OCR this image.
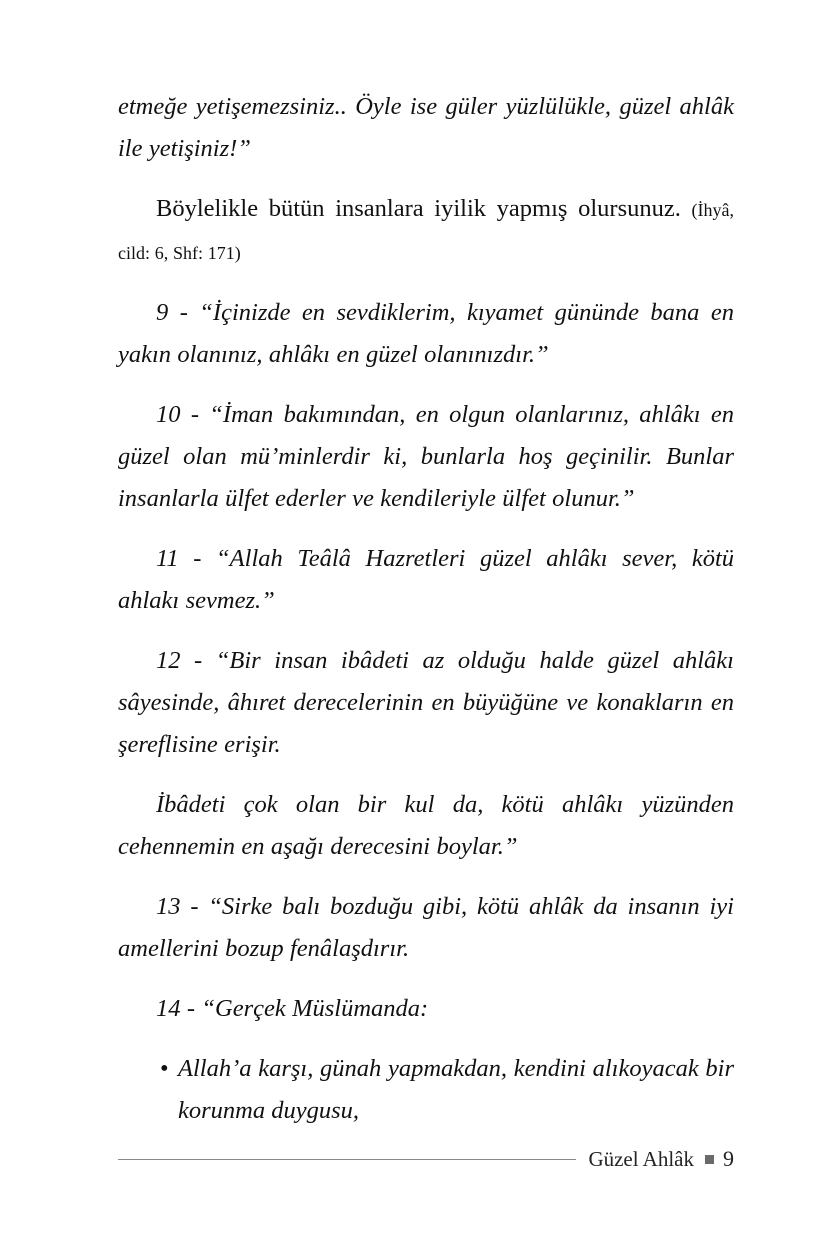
etmeğe yetişemezsiniz.. Öyle ise güler yüzlülükle, güzel ahlâk ile yetişiniz!”

Böylelikle bütün insanlara iyilik yapmış olursunuz. (İhyâ, cild: 6, Shf: 171)

9 - “İçinizde en sevdiklerim, kıyamet gününde bana en yakın olanınız, ahlâkı en güzel olanınızdır.”

10 - “İman bakımından, en olgun olanlarınız, ahlâkı en güzel olan mü’minlerdir ki, bunlarla hoş geçinilir. Bunlar insanlarla ülfet ederler ve kendileriyle ülfet olunur.”

11 - “Allah Teâlâ Hazretleri güzel ahlâkı sever, kötü ahlakı sevmez.”

12 - “Bir insan ibâdeti az olduğu halde güzel ahlâkı sâyesinde, âhıret derecelerinin en büyüğüne ve konakların en şereflisine erişir.

İbâdeti çok olan bir kul da, kötü ahlâkı yüzünden cehennemin en aşağı derecesini boylar.”

13 - “Sirke balı bozduğu gibi, kötü ahlâk da insanın iyi amellerini bozup fenâlaşdırır.

14 - “Gerçek Müslümanda:

• Allah’a karşı, günah yapmakdan, kendini alıkoyacak bir korunma duygusu,
Güzel Ahlâk 9
